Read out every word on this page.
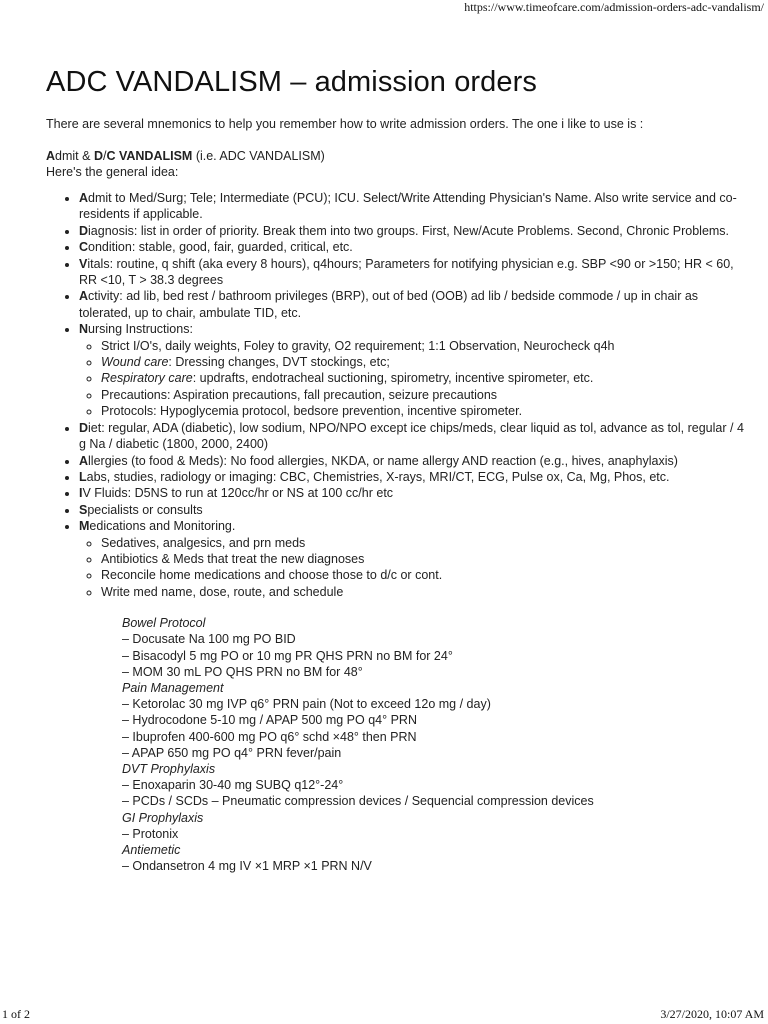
https://www.timeofcare.com/admission-orders-adc-vandalism/
ADC VANDALISM – admission orders

There are several mnemonics to help you remember how to write admission orders. The one i like to use is :

Admit & D/C VANDALISM (i.e. ADC VANDALISM)

Here's the general idea:

• Admit to Med/Surg; Tele; Intermediate (PCU); ICU. Select/Write Attending Physician's Name. Also write service and co-residents if applicable.
• Diagnosis: list in order of priority. Break them into two groups. First, New/Acute Problems. Second, Chronic Problems.
• Condition: stable, good, fair, guarded, critical, etc.
• Vitals: routine, q shift (aka every 8 hours), q4hours; Parameters for notifying physician e.g. SBP <90 or >150; HR < 60, RR <10, T > 38.3 degrees
• Activity: ad lib, bed rest / bathroom privileges (BRP), out of bed (OOB) ad lib / bedside commode / up in chair as tolerated, up to chair, ambulate TID, etc.
• Nursing Instructions:
◦ Strict I/O's, daily weights, Foley to gravity, O2 requirement; 1:1 Observation, Neurocheck q4h
◦ Wound care: Dressing changes, DVT stockings, etc;
◦ Respiratory care: updrafts, endotracheal suctioning, spirometry, incentive spirometer, etc.
◦ Precautions: Aspiration precautions, fall precaution, seizure precautions
◦ Protocols: Hypoglycemia protocol, bedsore prevention, incentive spirometer.
• Diet: regular, ADA (diabetic), low sodium, NPO/NPO except ice chips/meds, clear liquid as tol, advance as tol, regular / 4 g Na / diabetic (1800, 2000, 2400)
• Allergies (to food & Meds): No food allergies, NKDA, or name allergy AND reaction (e.g., hives, anaphylaxis)
• Labs, studies, radiology or imaging: CBC, Chemistries, X-rays, MRI/CT, ECG, Pulse ox, Ca, Mg, Phos, etc.
• IV Fluids: D5NS to run at 120cc/hr or NS at 100 cc/hr etc
• Specialists or consults
• Medications and Monitoring.
◦ Sedatives, analgesics, and prn meds
◦ Antibiotics & Meds that treat the new diagnoses
◦ Reconcile home medications and choose those to d/c or cont.
◦ Write med name, dose, route, and schedule
Bowel Protocol
– Docusate Na 100 mg PO BID
– Bisacodyl 5 mg PO or 10 mg PR QHS PRN no BM for 24°
– MOM 30 mL PO QHS PRN no BM for 48°
Pain Management
– Ketorolac 30 mg IVP q6° PRN pain (Not to exceed 12o mg / day)
– Hydrocodone 5-10 mg / APAP 500 mg PO q4° PRN
– Ibuprofen 400-600 mg PO q6° schd ×48° then PRN
– APAP 650 mg PO q4° PRN fever/pain
DVT Prophylaxis
– Enoxaparin 30-40 mg SUBQ q12°-24°
– PCDs / SCDs – Pneumatic compression devices / Sequencial compression devices
GI Prophylaxis
– Protonix
Antiemetic
– Ondansetron 4 mg IV ×1 MRP ×1 PRN N/V
1 of 2	3/27/2020, 10:07 AM
